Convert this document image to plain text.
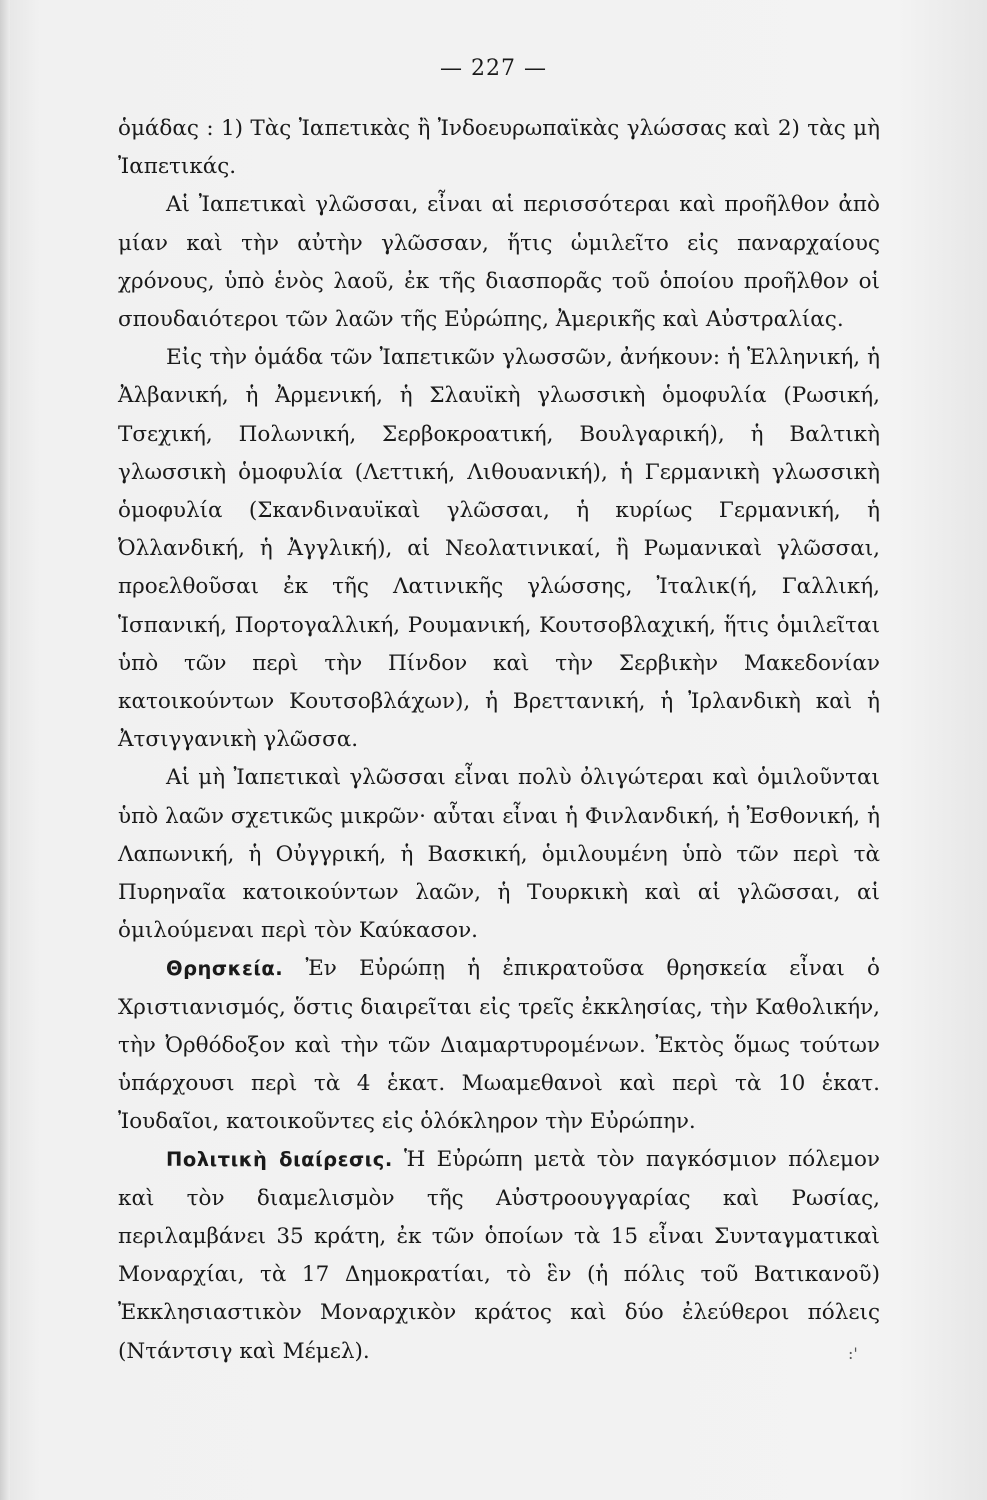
— 227 —

ὁμάδας : 1) Τὰς Ἰαπετικὰς ἢ Ἰνδοευρωπαϊκὰς γλώσσας καὶ 2) τὰς μὴ Ἰαπετικάς.

Αἱ Ἰαπετικαὶ γλῶσσαι, εἶναι αἱ περισσότεραι καὶ προῆλθον ἀπὸ μίαν καὶ τὴν αὐτὴν γλῶσσαν, ἥτις ὡμιλεῖτο εἰς παναρχαίους χρόνους, ὑπὸ ἑνὸς λαοῦ, ἐκ τῆς διασπορᾶς τοῦ ὁποίου προῆλθον οἱ σπουδαιότεροι τῶν λαῶν τῆς Εὐρώπης, Ἀμερικῆς καὶ Αὐστραλίας.

Εἰς τὴν ὁμάδα τῶν Ἰαπετικῶν γλωσσῶν, ἀνήκουν: ἡ Ἑλληνική, ἡ Ἀλβανική, ἡ Ἀρμενική, ἡ Σλαυϊκὴ γλωσσικὴ ὁμοφυλία (Ρωσική, Τσεχική, Πολωνική, Σερβοκροατική, Βουλγαρική), ἡ Βαλτικὴ γλωσσικὴ ὁμοφυλία (Λεττική, Λιθουανική), ἡ Γερμανικὴ γλωσσικὴ ὁμοφυλία (Σκανδιναυϊκαὶ γλῶσσαι, ἡ κυρίως Γερμανική, ἡ Ὀλλανδική, ἡ Ἀγγλική), αἱ Νεολατινικαί, ἢ Ρωμανικαὶ γλῶσσαι, προελθοῦσαι ἐκ τῆς Λατινικῆς γλώσσης, Ἰταλικ(ή, Γαλλική, Ἱσπανική, Πορτογαλλική, Ρουμανική, Κουτσοβλαχική, ἥτις ὁμιλεῖται ὑπὸ τῶν περὶ τὴν Πίνδον καὶ τὴν Σερβικὴν Μακεδονίαν κατοικούντων Κουτσοβλάχων), ἡ Βρεττανική, ἡ Ἰρλανδικὴ καὶ ἡ Ἀτσιγγανικὴ γλῶσσα.

Αἱ μὴ Ἰαπετικαὶ γλῶσσαι εἶναι πολὺ ὀλιγώτεραι καὶ ὁμιλοῦνται ὑπὸ λαῶν σχετικῶς μικρῶν· αὗται εἶναι ἡ Φινλανδική, ἡ Ἐσθονική, ἡ Λαπωνική, ἡ Οὐγγρική, ἡ Βασκική, ὁμιλουμένη ὑπὸ τῶν περὶ τὰ Πυρηναῖα κατοικούντων λαῶν, ἡ Τουρκικὴ καὶ αἱ γλῶσσαι, αἱ ὁμιλούμεναι περὶ τὸν Καύκασον.

Θρησκεία. Ἐν Εὐρώπῃ ἡ ἐπικρατοῦσα θρησκεία εἶναι ὁ Χριστιανισμός, ὅστις διαιρεῖται εἰς τρεῖς ἐκκλησίας, τὴν Καθολικήν, τὴν Ὀρθόδοξον καὶ τὴν τῶν Διαμαρτυρομένων. Ἐκτὸς ὅμως τούτων ὑπάρχουσι περὶ τὰ 4 ἑκατ. Μωαμεθανοὶ καὶ περὶ τὰ 10 ἑκατ. Ἰουδαῖοι, κατοικοῦντες εἰς ὁλόκληρον τὴν Εὐρώπην.

Πολιτικὴ διαίρεσις. Ἡ Εὐρώπη μετὰ τὸν παγκόσμιον πόλεμον καὶ τὸν διαμελισμὸν τῆς Αὐστροουγγαρίας καὶ Ρωσίας, περιλαμβάνει 35 κράτη, ἐκ τῶν ὁποίων τὰ 15 εἶναι Συνταγματικαὶ Μοναρχίαι, τὰ 17 Δημοκρατίαι, τὸ ἓν (ἡ πόλις τοῦ Βατικανοῦ) Ἐκκλησιαστικὸν Μοναρχικὸν κράτος καὶ δύο ἐλεύθεροι πόλεις (Ντάντσιγ καὶ Μέμελ).	:'
